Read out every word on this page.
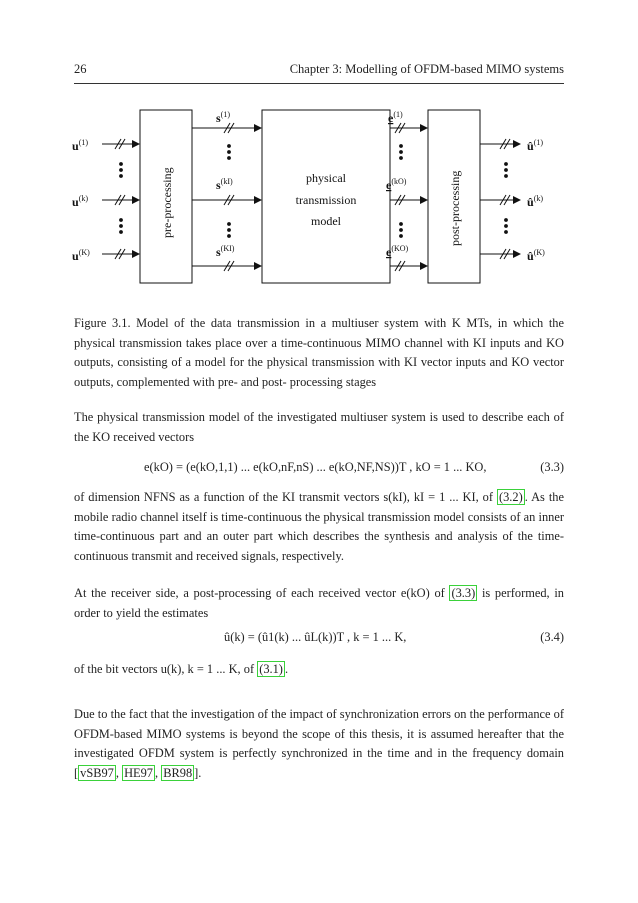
26	Chapter 3: Modelling of OFDM-based MIMO systems
pre-processing	post-processing
physical
transmission
model
$u^{(1)}$
$u^{(k)}$
$u^{(K)}$
$s^{(1)}$
$s^{(kI)}$
$s^{(KI)}$
$e^{(1)}$
$e^{(kO)}$
$e^{(KO)}$
$û^{(1)}$
$û^{(k)}$
$û^{(K)}$
Figure 3.1. Model of the data transmission in a multiuser system with K MTs, in which the physical transmission takes place over a time-continuous MIMO channel with KI inputs and KO outputs, consisting of a model for the physical transmission with KI vector inputs and KO vector outputs, complemented with pre- and post- processing stages
The physical transmission model of the investigated multiuser system is used to describe each of the KO received vectors
e(kO) = (e(kO,1,1) ... e(kO,nF,nS) ... e(kO,NF,NS))T , kO = 1 ... KO,	(3.3)
of dimension NFNS as a function of the KI transmit vectors s(kI), kI = 1 ... KI, of (3.2) . As the mobile radio channel itself is time-continuous the physical transmission model consists of an inner time-continuous part and an outer part which describes the synthesis and analysis of the time-continuous transmit and received signals, respectively.
At the receiver side, a post-processing of each received vector e(kO) of (3.3) is performed, in order to yield the estimates
û(k) = (û1(k) ... ûL(k))T , k = 1 ... K,	(3.4)
of the bit vectors u(k), k = 1 ... K, of (3.1) .
Due to the fact that the investigation of the impact of synchronization errors on the performance of OFDM-based MIMO systems is beyond the scope of this thesis, it is assumed hereafter that the investigated OFDM system is perfectly synchronized in the time and in the frequency domain [ vSB97 , HE97 , BR98 ].
